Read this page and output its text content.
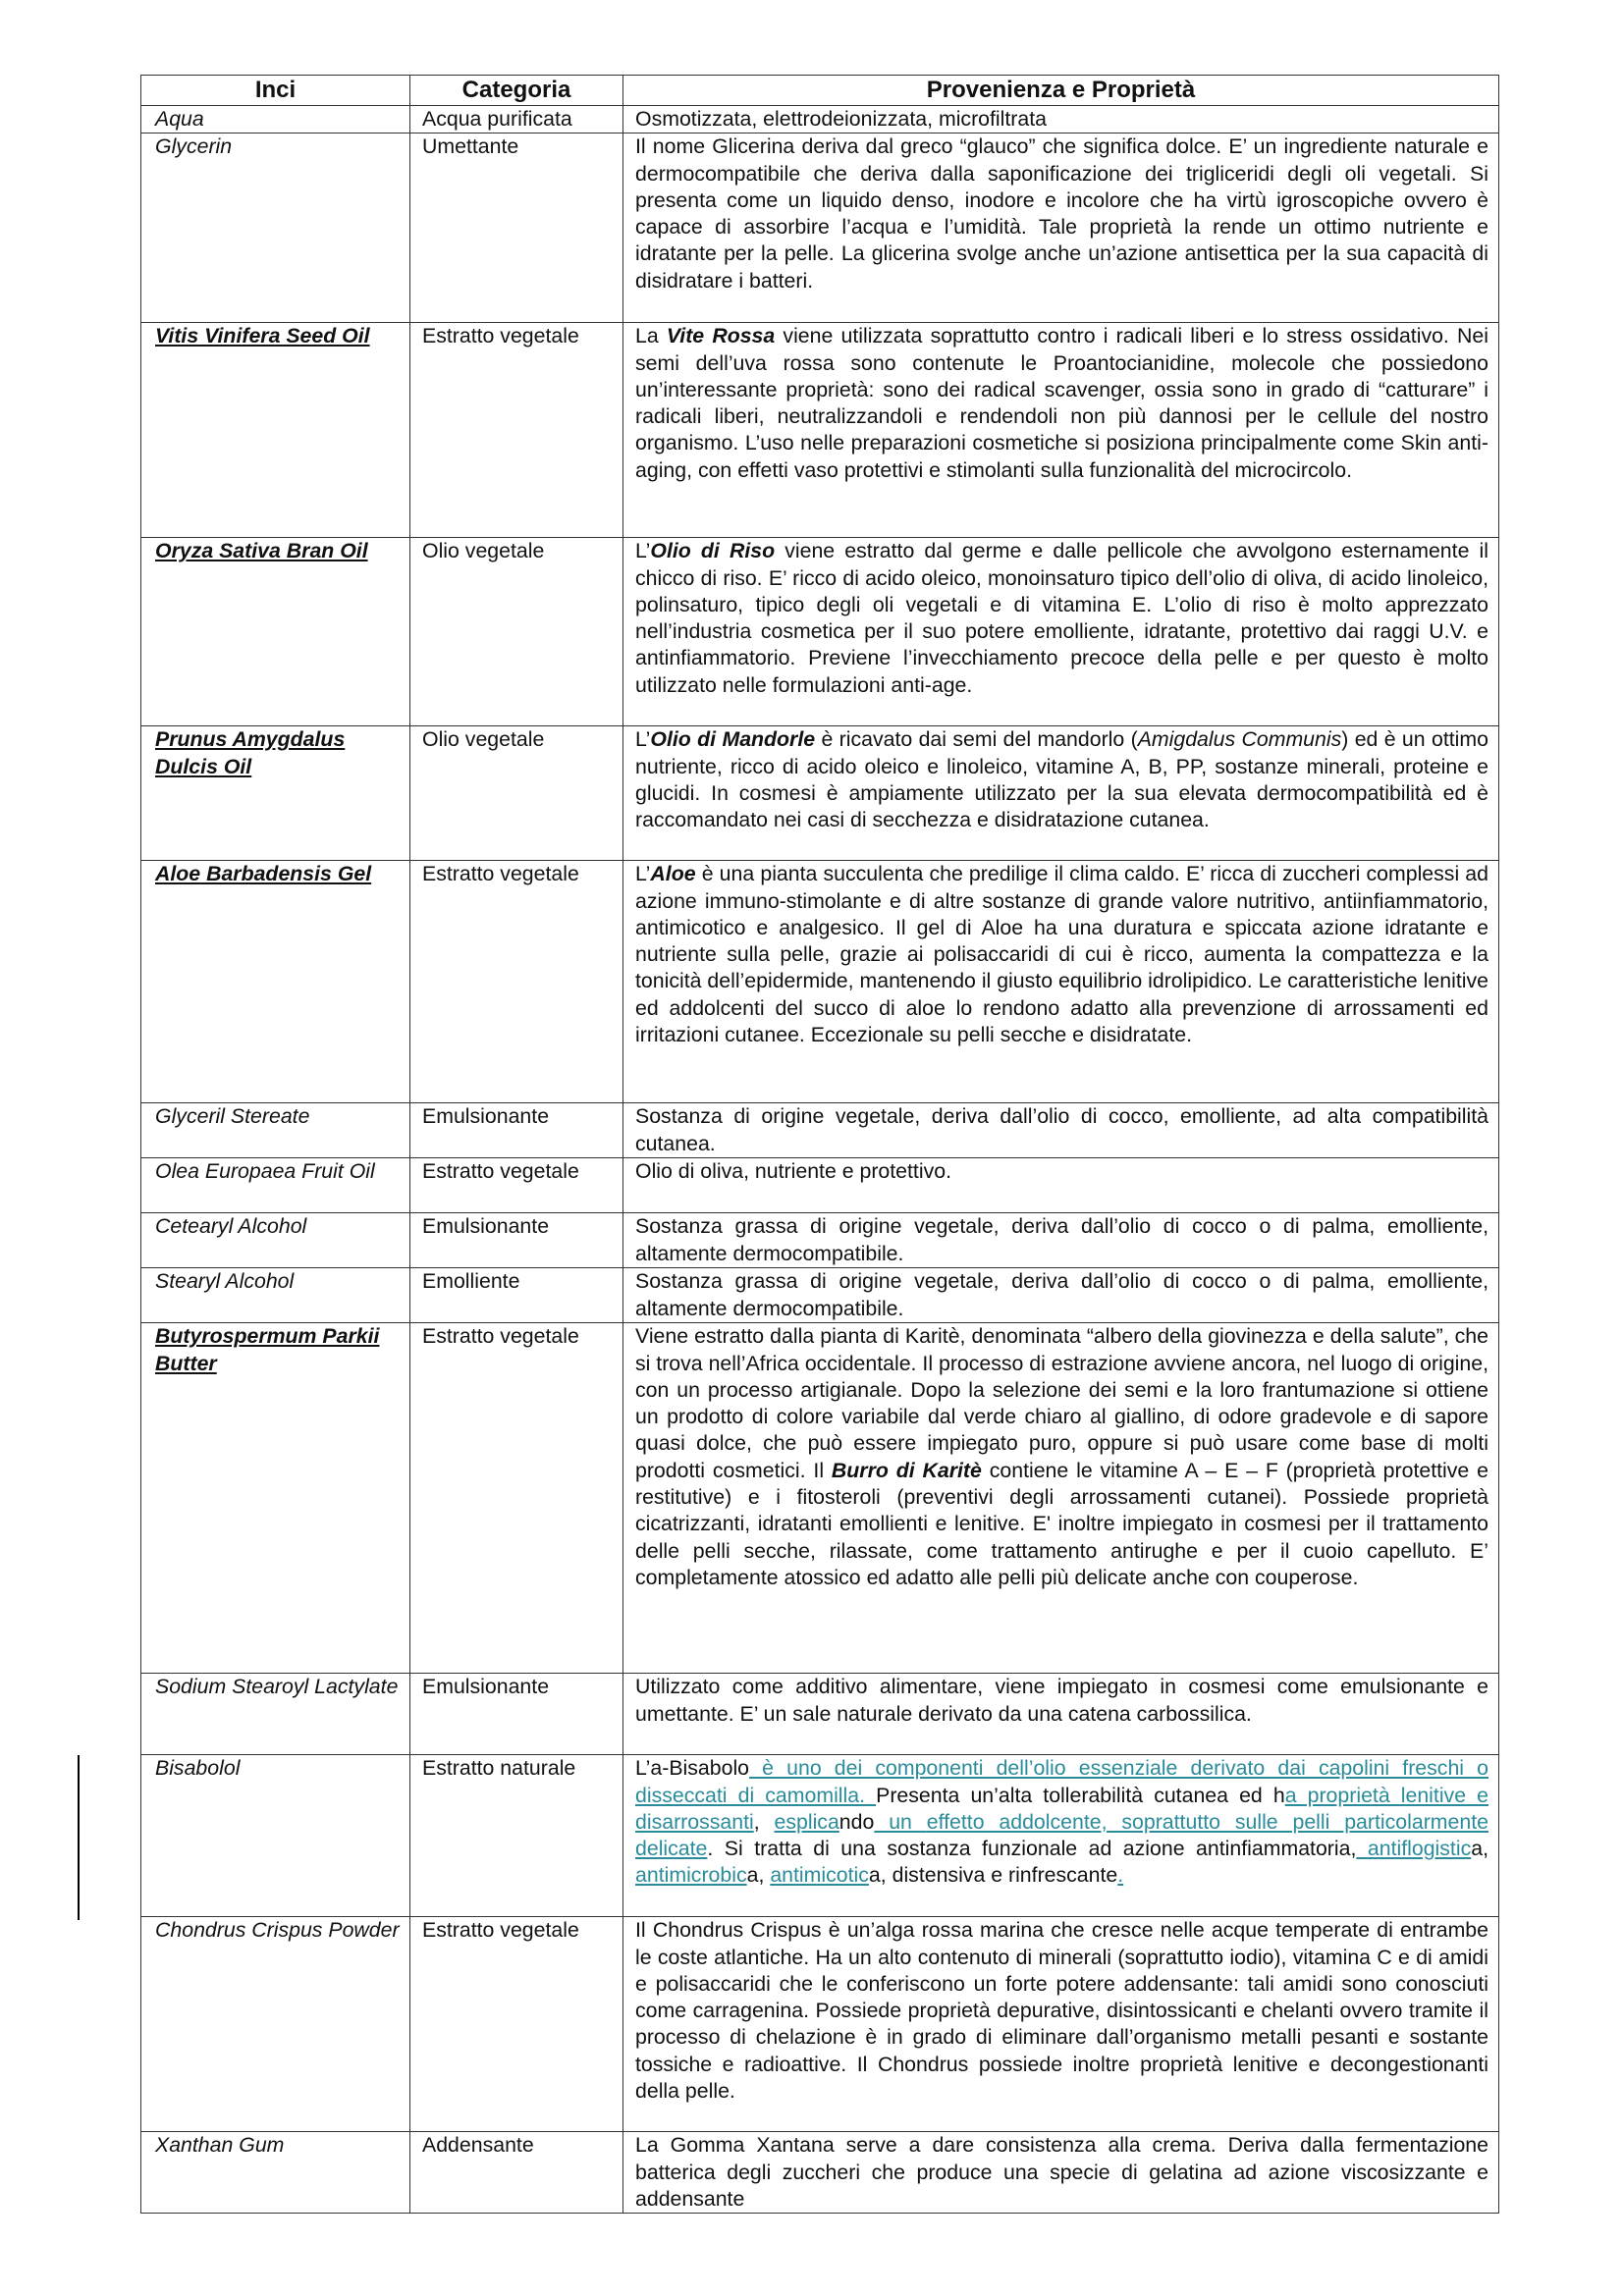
Inci	Categoria	Provenienza e Proprietà
Aqua	Acqua purificata	Osmotizzata, elettrodeionizzata, microfiltrata
Glycerin	Umettante	Il nome Glicerina deriva dal greco “glauco” che significa dolce. E’ un ingrediente naturale e dermocompatibile che deriva dalla saponificazione dei trigliceridi degli oli vegetali. Si presenta come un liquido denso, inodore e incolore che ha virtù igroscopiche ovvero è capace di assorbire l’acqua e l’umidità. Tale proprietà la rende un ottimo nutriente e idratante per la pelle. La glicerina svolge anche un’azione antisettica per la sua capacità di disidratare i batteri.
Vitis Vinifera Seed Oil	Estratto vegetale	La Vite Rossa viene utilizzata soprattutto contro i radicali liberi e lo stress ossidativo. Nei semi dell’uva rossa sono contenute le Proantocianidine, molecole che possiedono un’interessante proprietà: sono dei radical scavenger, ossia sono in grado di “catturare” i radicali liberi, neutralizzandoli e rendendoli non più dannosi per le cellule del nostro organismo. L’uso nelle preparazioni cosmetiche si posiziona principalmente come Skin anti-aging, con effetti vaso protettivi e stimolanti sulla funzionalità del microcircolo.
Oryza Sativa Bran Oil	Olio vegetale	L’Olio di Riso viene estratto dal germe e dalle pellicole che avvolgono esternamente il chicco di riso. E’ ricco di acido oleico, monoinsaturo tipico dell’olio di oliva, di acido linoleico, polinsaturo, tipico degli oli vegetali e di vitamina E. L’olio di riso è molto apprezzato nell’industria cosmetica per il suo potere emolliente, idratante, protettivo dai raggi U.V. e antinfiammatorio. Previene l’invecchiamento precoce della pelle e per questo è molto utilizzato nelle formulazioni anti-age.
Prunus Amygdalus Dulcis Oil	Olio vegetale	L’Olio di Mandorle è ricavato dai semi del mandorlo (Amigdalus Communis) ed è un ottimo nutriente, ricco di acido oleico e linoleico, vitamine A, B, PP, sostanze minerali, proteine e glucidi. In cosmesi è ampiamente utilizzato per la sua elevata dermocompatibilità ed è raccomandato nei casi di secchezza e disidratazione cutanea.
Aloe Barbadensis Gel	Estratto vegetale	L’Aloe è una pianta succulenta che predilige il clima caldo. E’ ricca di zuccheri complessi ad azione immuno-stimolante e di altre sostanze di grande valore nutritivo, antiinfiammatorio, antimicotico e analgesico. Il gel di Aloe ha una duratura e spiccata azione idratante e nutriente sulla pelle, grazie ai polisaccaridi di cui è ricco, aumenta la compattezza e la tonicità dell’epidermide, mantenendo il giusto equilibrio idrolipidico. Le caratteristiche lenitive ed addolcenti del succo di aloe lo rendono adatto alla prevenzione di arrossamenti ed irritazioni cutanee. Eccezionale su pelli secche e disidratate.
Glyceril Stereate	Emulsionante	Sostanza di origine vegetale, deriva dall’olio di cocco, emolliente, ad alta compatibilità cutanea.
Olea Europaea Fruit Oil	Estratto vegetale	Olio di oliva, nutriente e protettivo.
Cetearyl Alcohol	Emulsionante	Sostanza grassa di origine vegetale, deriva dall’olio di cocco o di palma, emolliente, altamente dermocompatibile.
Stearyl Alcohol	Emolliente	Sostanza grassa di origine vegetale, deriva dall’olio di cocco o di palma, emolliente, altamente dermocompatibile.
Butyrospermum Parkii Butter	Estratto vegetale	Viene estratto dalla pianta di Karitè, denominata “albero della giovinezza e della salute”, che si trova nell’Africa occidentale. Il processo di estrazione avviene ancora, nel luogo di origine, con un processo artigianale. Dopo la selezione dei semi e la loro frantumazione si ottiene un prodotto di colore variabile dal verde chiaro al giallino, di odore gradevole e di sapore quasi dolce, che può essere impiegato puro, oppure si può usare come base di molti prodotti cosmetici. Il Burro di Karitè contiene le vitamine A – E – F (proprietà protettive e restitutive) e i fitosteroli (preventivi degli arrossamenti cutanei). Possiede proprietà cicatrizzanti, idratanti emollienti e lenitive. E' inoltre impiegato in cosmesi per il trattamento delle pelli secche, rilassate, come trattamento antirughe e per il cuoio capelluto. E’ completamente atossico ed adatto alle pelli più delicate anche con couperose.
Sodium Stearoyl Lactylate	Emulsionante	Utilizzato come additivo alimentare, viene impiegato in cosmesi come emulsionante e umettante. E’ un sale naturale derivato da una catena carbossilica.
Bisabolol	Estratto naturale	L’a-Bisabolo è uno dei componenti dell’olio essenziale derivato dai capolini freschi o disseccati di camomilla. Presenta un’alta tollerabilità cutanea ed ha proprietà lenitive e disarrossanti, esplicando un effetto addolcente, soprattutto sulle pelli particolarmente delicate. Si tratta di una sostanza funzionale ad azione antinfiammatoria, antiflogistica, antimicrobica, antimicotica, distensiva e rinfrescante.
Chondrus Crispus Powder	Estratto vegetale	Il Chondrus Crispus è un’alga rossa marina che cresce nelle acque temperate di entrambe le coste atlantiche. Ha un alto contenuto di minerali (soprattutto iodio), vitamina C e di amidi e polisaccaridi che le conferiscono un forte potere addensante: tali amidi sono conosciuti come carragenina. Possiede proprietà depurative, disintossicanti e chelanti ovvero tramite il processo di chelazione è in grado di eliminare dall’organismo metalli pesanti e sostante tossiche e radioattive. Il Chondrus possiede inoltre proprietà lenitive e decongestionanti della pelle.
Xanthan Gum	Addensante	La Gomma Xantana serve a dare consistenza alla crema. Deriva dalla fermentazione batterica degli zuccheri che produce una specie di gelatina ad azione viscosizzante e addensante
